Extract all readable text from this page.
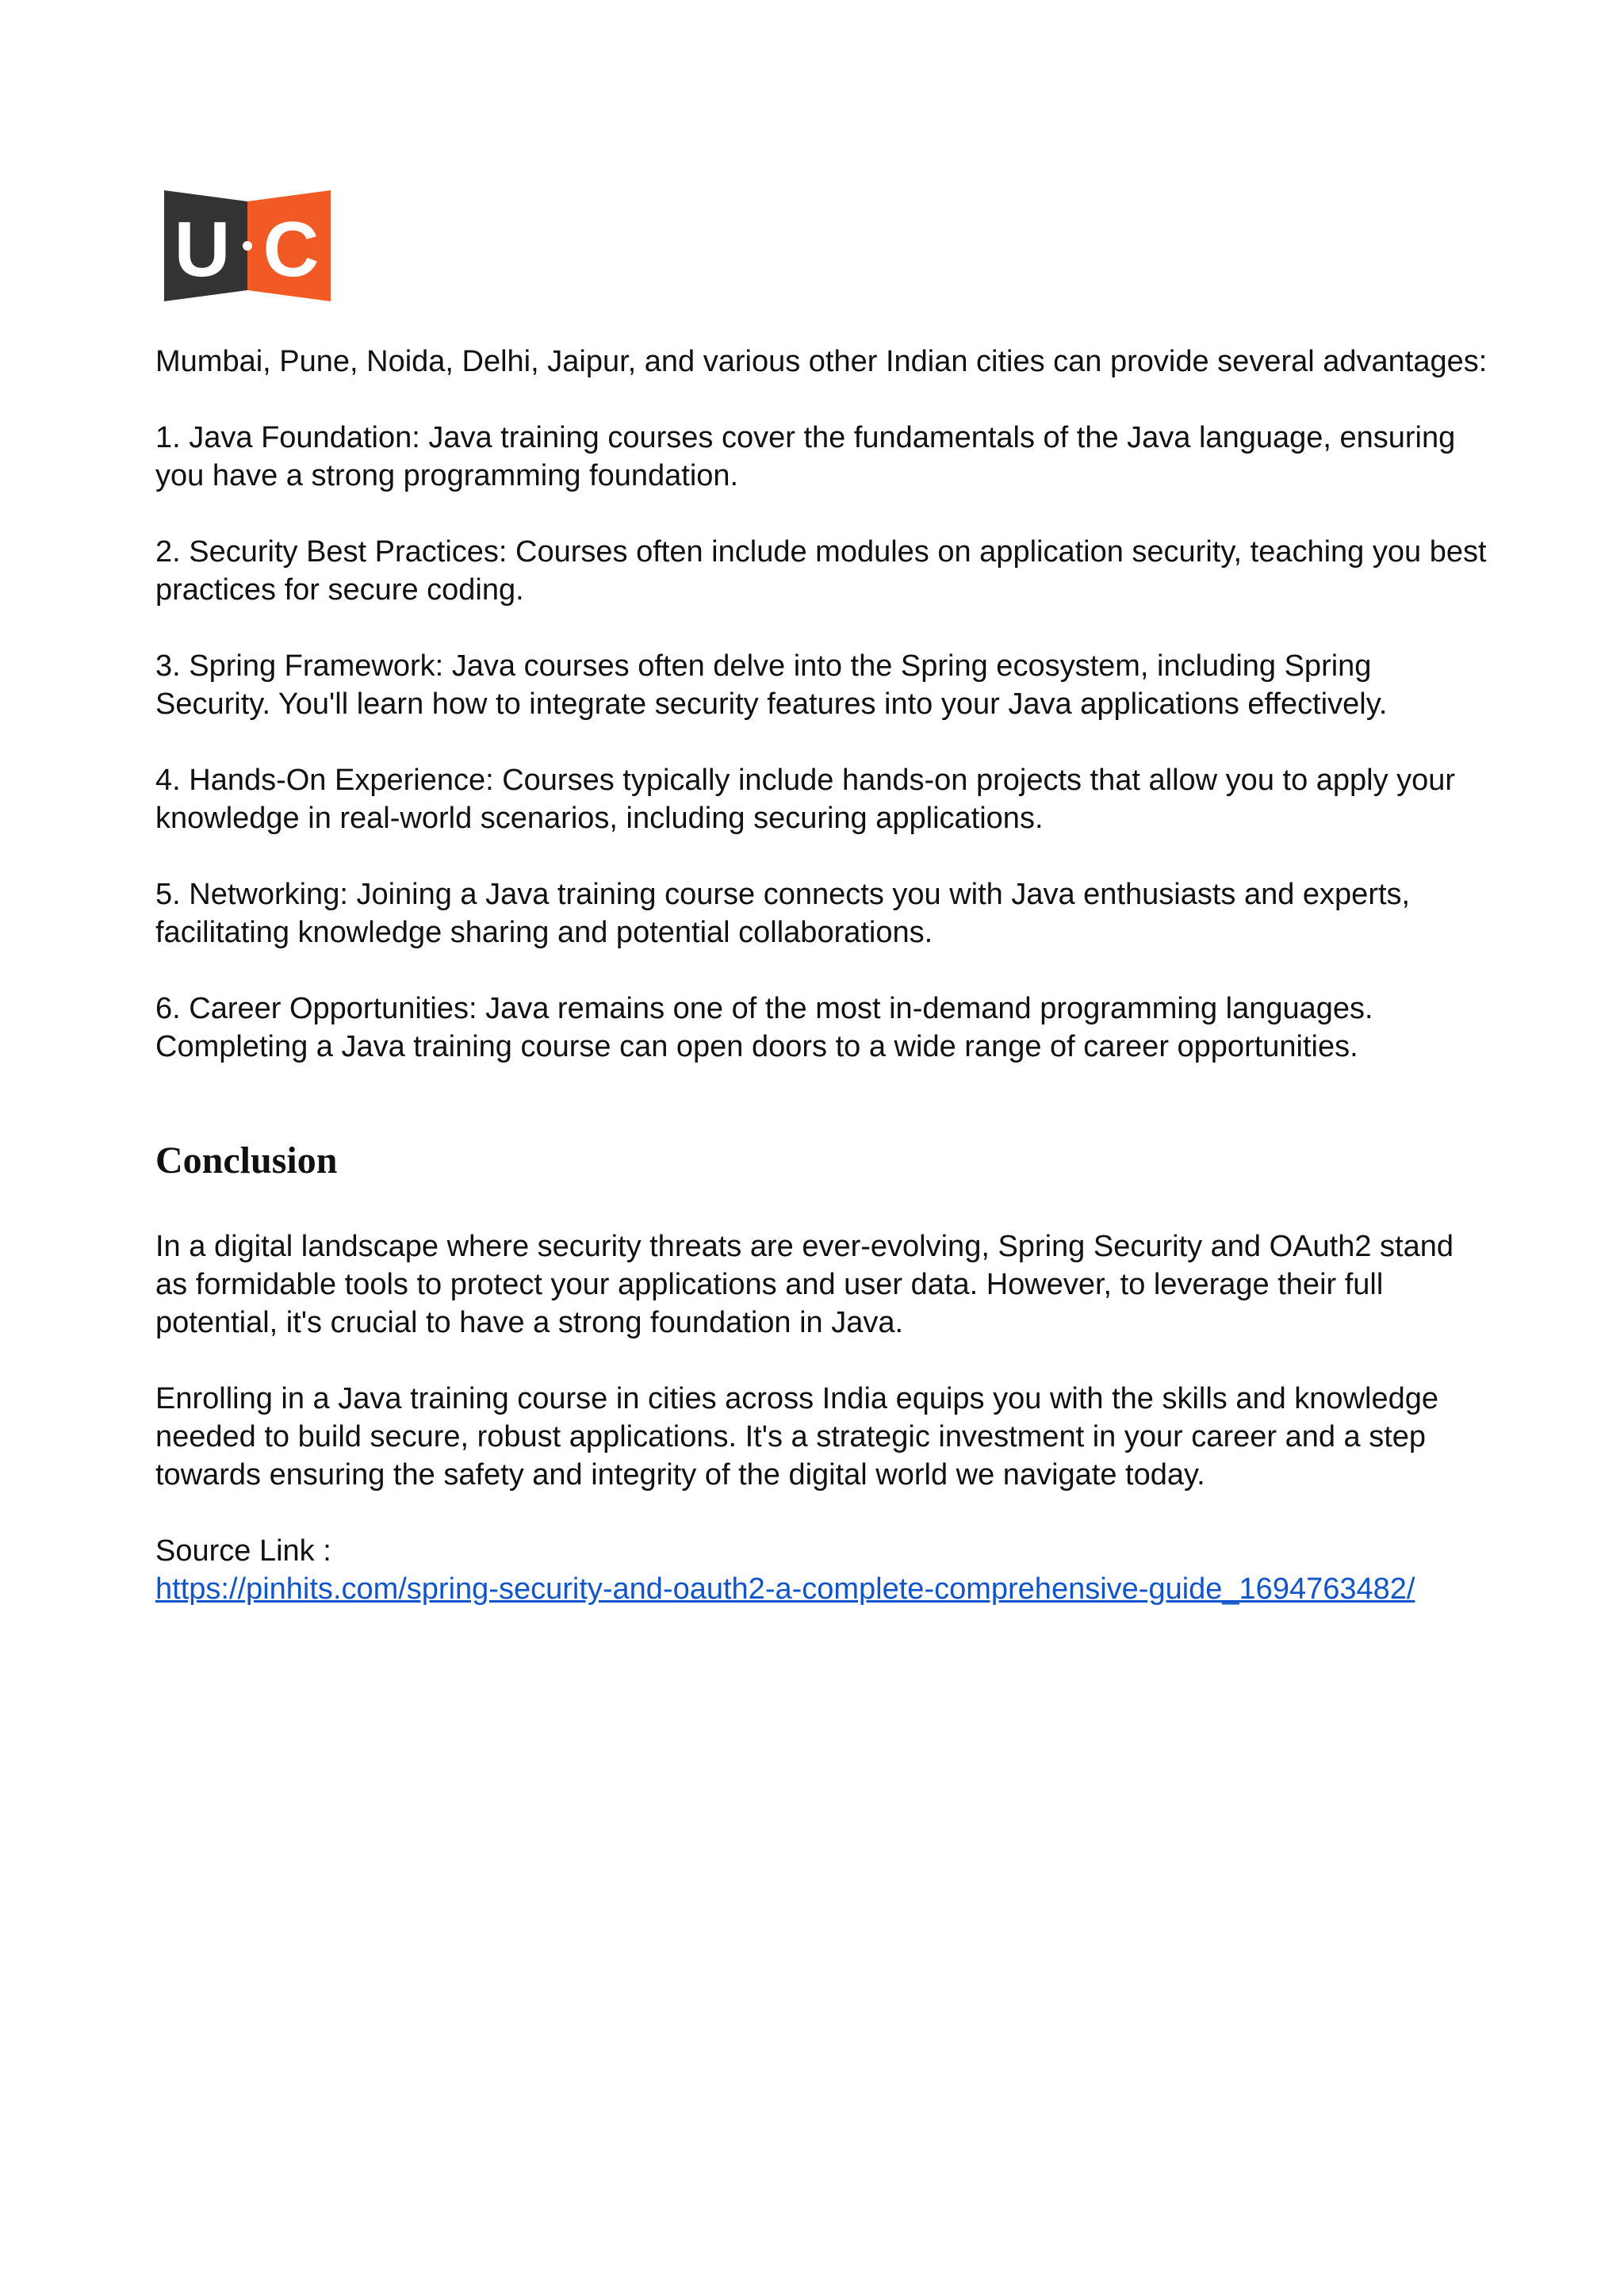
U C

Mumbai, Pune, Noida, Delhi, Jaipur, and various other Indian cities can provide several advantages:

1. Java Foundation: Java training courses cover the fundamentals of the Java language, ensuring you have a strong programming foundation.

2. Security Best Practices: Courses often include modules on application security, teaching you best practices for secure coding.

3. Spring Framework: Java courses often delve into the Spring ecosystem, including Spring Security. You'll learn how to integrate security features into your Java applications effectively.

4. Hands-On Experience: Courses typically include hands-on projects that allow you to apply your knowledge in real-world scenarios, including securing applications.

5. Networking: Joining a Java training course connects you with Java enthusiasts and experts, facilitating knowledge sharing and potential collaborations.

6. Career Opportunities: Java remains one of the most in-demand programming languages. Completing a Java training course can open doors to a wide range of career opportunities.

Conclusion

In a digital landscape where security threats are ever-evolving, Spring Security and OAuth2 stand as formidable tools to protect your applications and user data. However, to leverage their full potential, it's crucial to have a strong foundation in Java.

Enrolling in a Java training course in cities across India equips you with the skills and knowledge needed to build secure, robust applications. It's a strategic investment in your career and a step towards ensuring the safety and integrity of the digital world we navigate today.

Source Link :

https://pinhits.com/spring-security-and-oauth2-a-complete-comprehensive-guide_1694763482/
